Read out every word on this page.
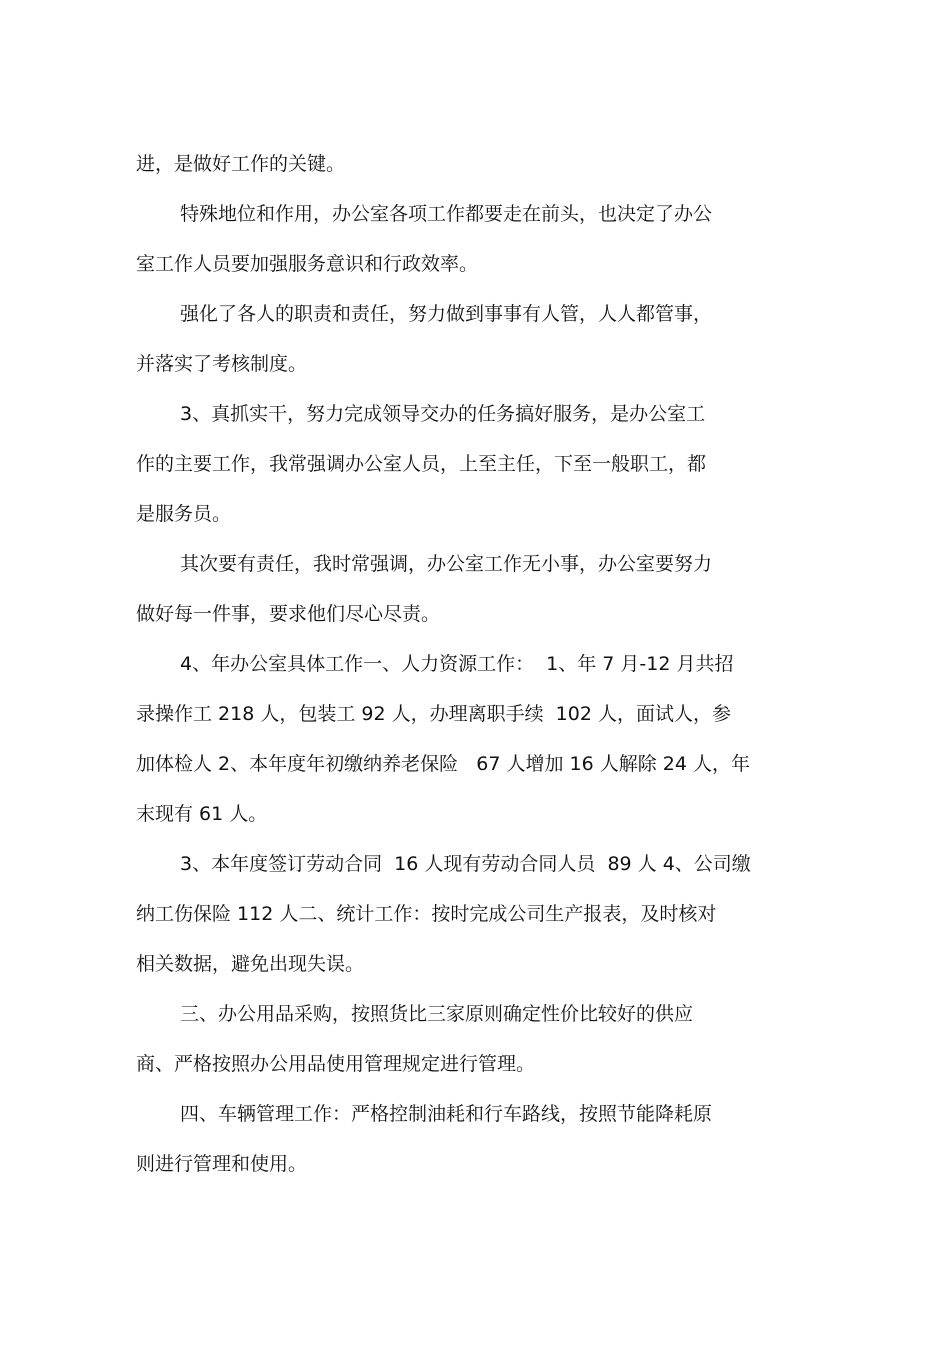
进，是做好工作的关键。
特殊地位和作用，办公室各项工作都要走在前头，也决定了办公
室工作人员要加强服务意识和行政效率。
强化了各人的职责和责任，努力做到事事有人管，人人都管事，
并落实了考核制度。
3、真抓实干，努力完成领导交办的任务搞好服务，是办公室工
作的主要工作，我常强调办公室人员，上至主任，下至一般职工，都
是服务员。
其次要有责任，我时常强调，办公室工作无小事，办公室要努力
做好每一件事，要求他们尽心尽责。
4、年办公室具体工作一、人力资源工作：  1、年 7 月-12 月共招
录操作工 218 人，包装工 92 人，办理离职手续  102 人，面试人，参
加体检人 2、本年度年初缴纳养老保险   67 人增加 16 人解除 24 人，年
末现有 61 人。
3、本年度签订劳动合同  16 人现有劳动合同人员  89 人 4、公司缴
纳工伤保险 112 人二、统计工作：按时完成公司生产报表，及时核对
相关数据，避免出现失误。
三、办公用品采购，按照货比三家原则确定性价比较好的供应
商、严格按照办公用品使用管理规定进行管理。
四、车辆管理工作：严格控制油耗和行车路线，按照节能降耗原
则进行管理和使用。
